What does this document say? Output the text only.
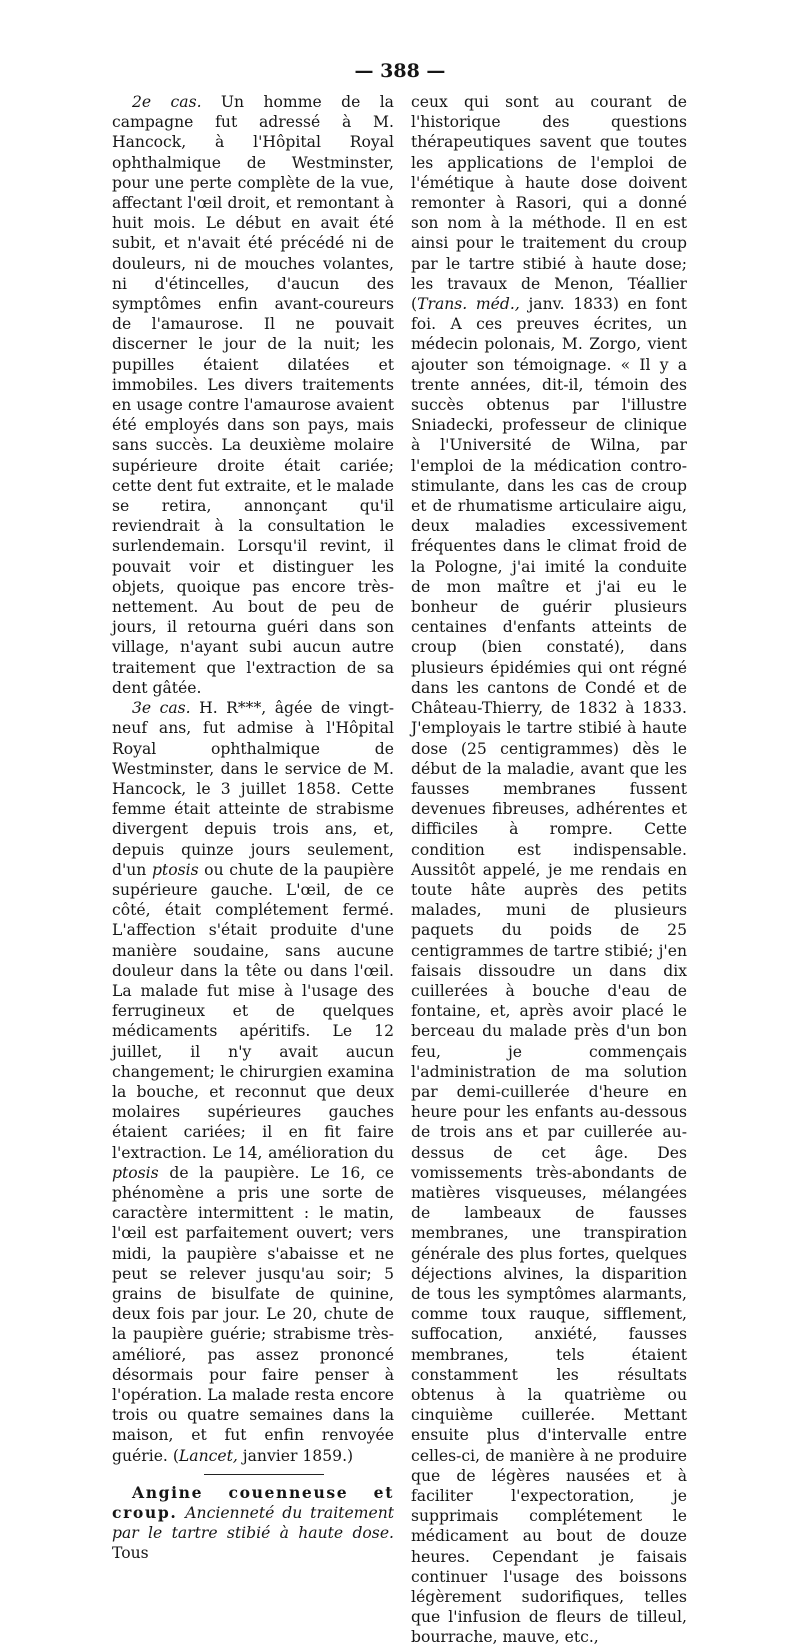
— 388 —

2e cas. Un homme de la campagne fut adressé à M. Hancock, à l'Hôpital Royal ophthalmique de Westminster, pour une perte complète de la vue, affectant l'œil droit, et remontant à huit mois. Le début en avait été subit, et n'avait été précédé ni de douleurs, ni de mouches volantes, ni d'étincelles, d'aucun des symptômes enfin avant-coureurs de l'amaurose. Il ne pouvait discerner le jour de la nuit; les pupilles étaient dilatées et immobiles. Les divers traitements en usage contre l'amaurose avaient été employés dans son pays, mais sans succès. La deuxième molaire supérieure droite était cariée; cette dent fut extraite, et le malade se retira, annonçant qu'il reviendrait à la consultation le surlendemain. Lorsqu'il revint, il pouvait voir et distinguer les objets, quoique pas encore très-nettement. Au bout de peu de jours, il retourna guéri dans son village, n'ayant subi aucun autre traitement que l'extraction de sa dent gâtée.

3e cas. H. R***, âgée de vingt-neuf ans, fut admise à l'Hôpital Royal ophthalmique de Westminster, dans le service de M. Hancock, le 3 juillet 1858. Cette femme était atteinte de strabisme divergent depuis trois ans, et, depuis quinze jours seulement, d'un ptosis ou chute de la paupière supérieure gauche. L'œil, de ce côté, était complétement fermé. L'affection s'était produite d'une manière soudaine, sans aucune douleur dans la tête ou dans l'œil. La malade fut mise à l'usage des ferrugineux et de quelques médicaments apéritifs. Le 12 juillet, il n'y avait aucun changement; le chirurgien examina la bouche, et reconnut que deux molaires supérieures gauches étaient cariées; il en fit faire l'extraction. Le 14, amélioration du ptosis de la paupière. Le 16, ce phénomène a pris une sorte de caractère intermittent : le matin, l'œil est parfaitement ouvert; vers midi, la paupière s'abaisse et ne peut se relever jusqu'au soir; 5 grains de bisulfate de quinine, deux fois par jour. Le 20, chute de la paupière guérie; strabisme très-amélioré, pas assez prononcé désormais pour faire penser à l'opération. La malade resta encore trois ou quatre semaines dans la maison, et fut enfin renvoyée guérie. (Lancet, janvier 1859.)

Angine couenneuse et croup. Ancienneté du traitement par le tartre stibié à haute dose. Tous

ceux qui sont au courant de l'historique des questions thérapeutiques savent que toutes les applications de l'emploi de l'émétique à haute dose doivent remonter à Rasori, qui a donné son nom à la méthode. Il en est ainsi pour le traitement du croup par le tartre stibié à haute dose; les travaux de Menon, Téallier (Trans. méd., janv. 1833) en font foi. A ces preuves écrites, un médecin polonais, M. Zorgo, vient ajouter son témoignage. « Il y a trente années, dit-il, témoin des succès obtenus par l'illustre Sniadecki, professeur de clinique à l'Université de Wilna, par l'emploi de la médication contro-stimulante, dans les cas de croup et de rhumatisme articulaire aigu, deux maladies excessivement fréquentes dans le climat froid de la Pologne, j'ai imité la conduite de mon maître et j'ai eu le bonheur de guérir plusieurs centaines d'enfants atteints de croup (bien constaté), dans plusieurs épidémies qui ont régné dans les cantons de Condé et de Château-Thierry, de 1832 à 1833. J'employais le tartre stibié à haute dose (25 centigrammes) dès le début de la maladie, avant que les fausses membranes fussent devenues fibreuses, adhérentes et difficiles à rompre. Cette condition est indispensable. Aussitôt appelé, je me rendais en toute hâte auprès des petits malades, muni de plusieurs paquets du poids de 25 centigrammes de tartre stibié; j'en faisais dissoudre un dans dix cuillerées à bouche d'eau de fontaine, et, après avoir placé le berceau du malade près d'un bon feu, je commençais l'administration de ma solution par demi-cuillerée d'heure en heure pour les enfants au-dessous de trois ans et par cuillerée au-dessus de cet âge. Des vomissements très-abondants de matières visqueuses, mélangées de lambeaux de fausses membranes, une transpiration générale des plus fortes, quelques déjections alvines, la disparition de tous les symptômes alarmants, comme toux rauque, sifflement, suffocation, anxiété, fausses membranes, tels étaient constamment les résultats obtenus à la quatrième ou cinquième cuillerée. Mettant ensuite plus d'intervalle entre celles-ci, de manière à ne produire que de légères nausées et à faciliter l'expectoration, je supprimais complétement le médicament au bout de douze heures. Cependant je faisais continuer l'usage des boissons légèrement sudorifiques, telles que l'infusion de fleurs de tilleul, bourrache, mauve, etc.,
